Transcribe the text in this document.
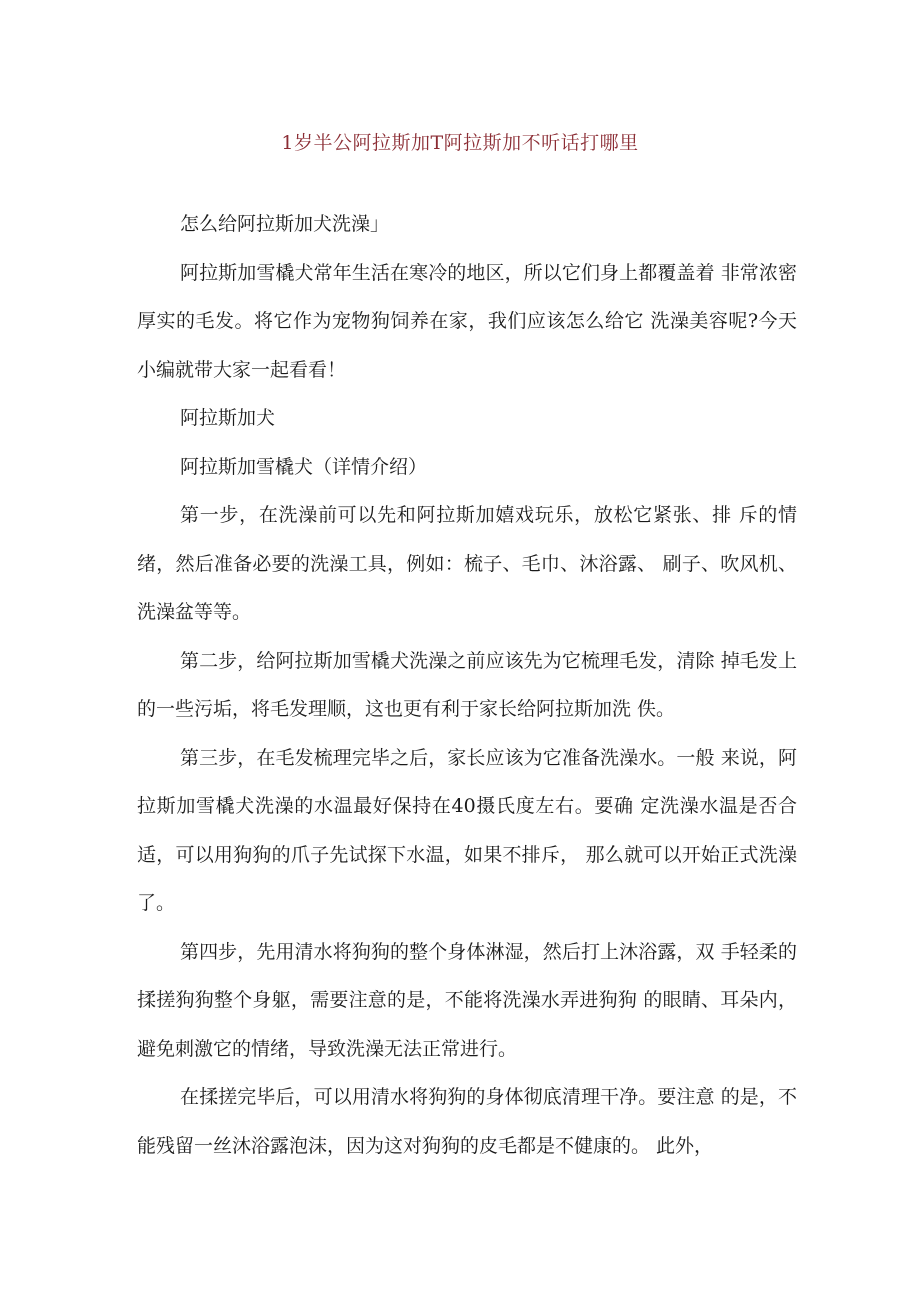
1岁半公阿拉斯加T阿拉斯加不听话打哪里

怎么给阿拉斯加犬洗澡」

阿拉斯加雪橇犬常年生活在寒冷的地区，所以它们身上都覆盖着 非常浓密厚实的毛发。将它作为宠物狗饲养在家，我们应该怎么给它 洗澡美容呢?今天小编就带大家一起看看！

阿拉斯加犬

阿拉斯加雪橇犬（详情介绍）

第一步，在洗澡前可以先和阿拉斯加嬉戏玩乐，放松它紧张、排 斥的情绪，然后准备必要的洗澡工具，例如：梳子、毛巾、沐浴露、 刷子、吹风机、洗澡盆等等。

第二步，给阿拉斯加雪橇犬洗澡之前应该先为它梳理毛发，清除 掉毛发上的一些污垢，将毛发理顺，这也更有利于家长给阿拉斯加洗 佚。

第三步，在毛发梳理完毕之后，家长应该为它准备洗澡水。一般 来说，阿拉斯加雪橇犬洗澡的水温最好保持在40摄氏度左右。要确 定洗澡水温是否合适，可以用狗狗的爪子先试探下水温，如果不排斥， 那么就可以开始正式洗澡了。

第四步，先用清水将狗狗的整个身体淋湿，然后打上沐浴露，双 手轻柔的揉搓狗狗整个身躯，需要注意的是，不能将洗澡水弄进狗狗 的眼睛、耳朵内，避免刺激它的情绪，导致洗澡无法正常进行。

在揉搓完毕后，可以用清水将狗狗的身体彻底清理干净。要注意 的是，不能残留一丝沐浴露泡沫，因为这对狗狗的皮毛都是不健康的。 此外，
